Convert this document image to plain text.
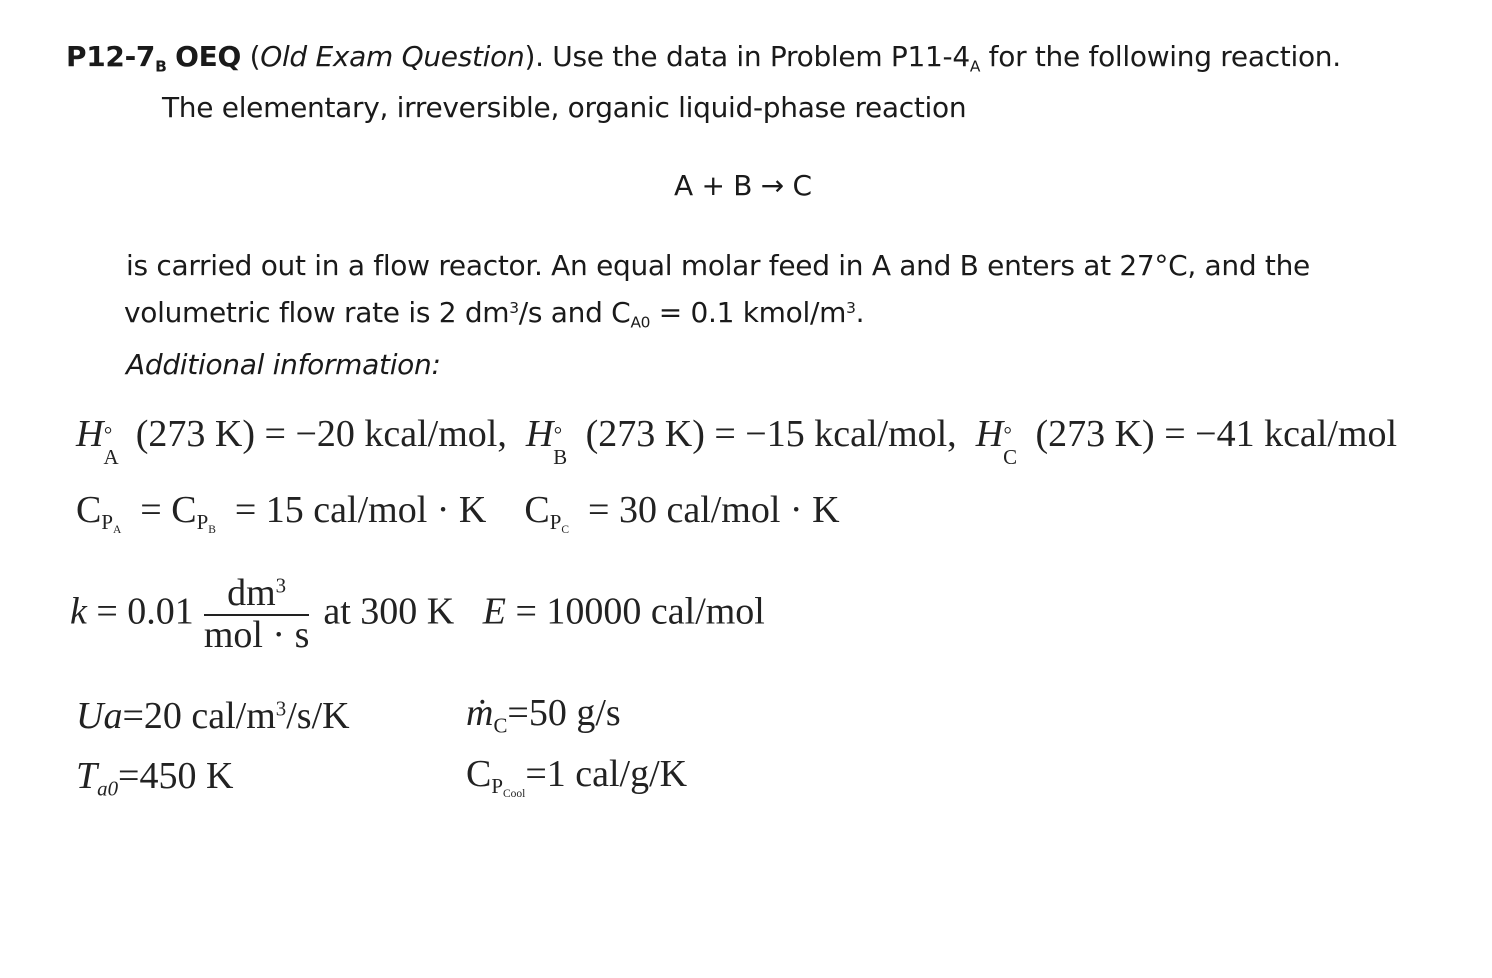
$P12-7_B$ OEQ (Old Exam Question). Use the data in Problem $P11-4_A$ for the following reaction.
The elementary, irreversible, organic liquid-phase reaction
A + B → C
is carried out in a flow reactor. An equal molar feed in A and B enters at 27°C, and the
volumetric flow rate is 2 $dm^3/s$ and $C_{A0} = 0.1$ kmol/$m^3$.
Additional information:
H °
A
(273 K) = −20 kcal/mol, H °
B
(273 K) = −15 kcal/mol, H °
C
(273 K) = −41 kcal/mol
$C_{P_A} = C_{P_B} = 15$ cal/mol · K $C_{P_C} = 30$ cal/mol · K
$k = 0.01 \frac{dm^3}{\text{mol · s}}$ at 300 K E = 10000 cal/mol
Ua=20 cal/$m^3/s/K$
$T_{a0}=450$ K
$ṁ_C=50$ g/s
$C_{P_{Cool}}=1$ cal/g/K
